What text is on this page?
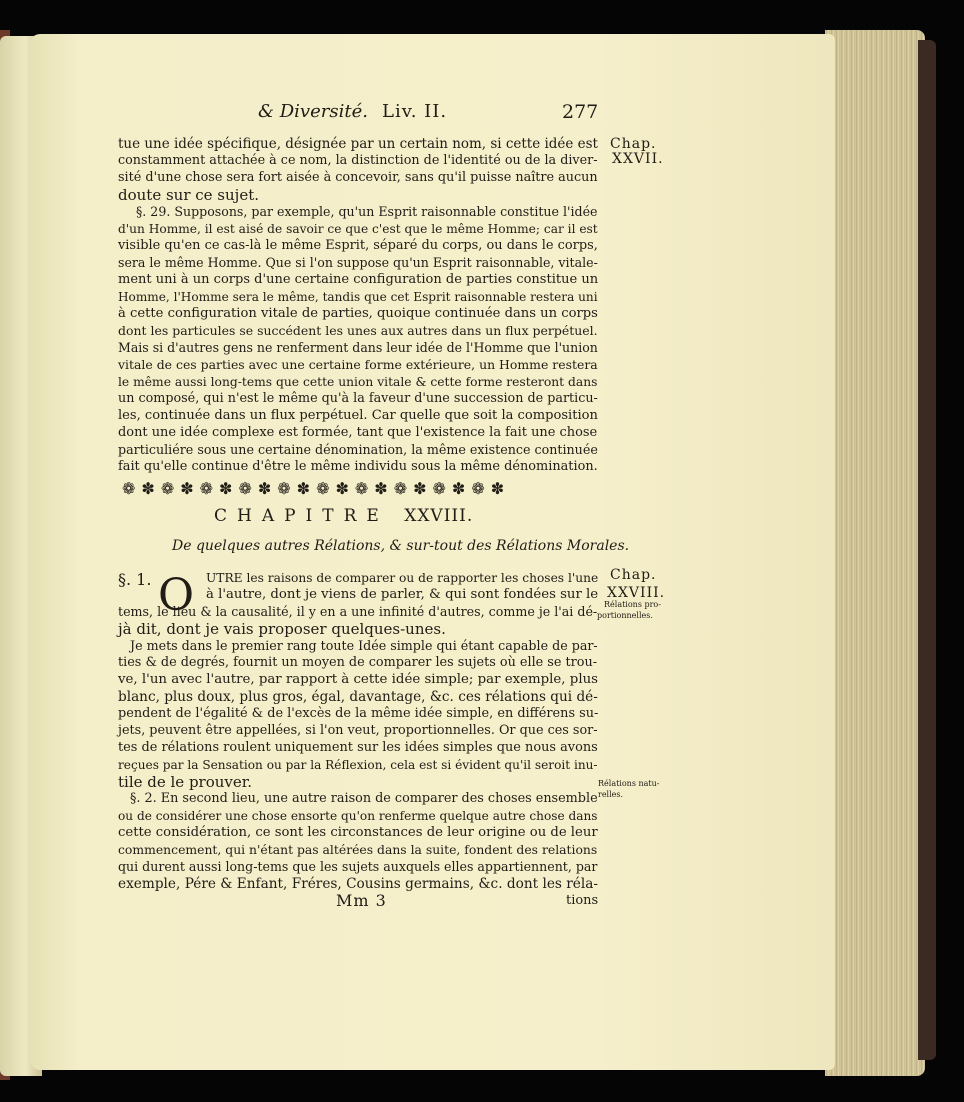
& Diversité. Liv. II.	277
Chap.
XXVII.
Chap.
XXVIII.
Rélations pro-
portionnelles.
Rélations natu-
relles.
tue une idée spécifique, désignée par un certain nom, si cette idée est
constamment attachée à ce nom, la distinction de l'identité ou de la diver-
sité d'une chose sera fort aisée à concevoir, sans qu'il puisse naître aucun
doute sur ce sujet.
§. 29. Supposons, par exemple, qu'un Esprit raisonnable constitue l'idée
d'un Homme, il est aisé de savoir ce que c'est que le même Homme; car il est
visible qu'en ce cas-là le même Esprit, séparé du corps, ou dans le corps,
sera le même Homme. Que si l'on suppose qu'un Esprit raisonnable, vitale-
ment uni à un corps d'une certaine configuration de parties constitue un
Homme, l'Homme sera le même, tandis que cet Esprit raisonnable restera uni
à cette configuration vitale de parties, quoique continuée dans un corps
dont les particules se succédent les unes aux autres dans un flux perpétuel.
Mais si d'autres gens ne renferment dans leur idée de l'Homme que l'union
vitale de ces parties avec une certaine forme extérieure, un Homme restera
le même aussi long-tems que cette union vitale & cette forme resteront dans
un composé, qui n'est le même qu'à la faveur d'une succession de particu-
les, continuée dans un flux perpétuel. Car quelle que soit la composition
dont une idée complexe est formée, tant que l'existence la fait une chose
particuliére sous une certaine dénomination, la même existence continuée
fait qu'elle continue d'être le même individu sous la même dénomination.
❁ ✽ ❁ ✽ ❁ ✽ ❁ ✽ ❁ ✽ ❁ ✽ ❁ ✽ ❁ ✽ ❁ ✽ ❁ ✽
CHAPITRE XXVIII.
De quelques autres Rélations, & sur-tout des Rélations Morales.
§. 1. O UTRE les raisons de comparer ou de rapporter les choses l'une
à l'autre, dont je viens de parler, & qui sont fondées sur le
tems, le lieu & la causalité, il y en a une infinité d'autres, comme je l'ai dé-
jà dit, dont je vais proposer quelques-unes.
Je mets dans le premier rang toute Idée simple qui étant capable de par-
ties & de degrés, fournit un moyen de comparer les sujets où elle se trou-
ve, l'un avec l'autre, par rapport à cette idée simple; par exemple, plus
blanc, plus doux, plus gros, égal, davantage, &c. ces rélations qui dé-
pendent de l'égalité & de l'excès de la même idée simple, en différens su-
jets, peuvent être appellées, si l'on veut, proportionnelles. Or que ces sor-
tes de rélations roulent uniquement sur les idées simples que nous avons
reçues par la Sensation ou par la Réflexion, cela est si évident qu'il seroit inu-
tile de le prouver.
§. 2. En second lieu, une autre raison de comparer des choses ensemble
ou de considérer une chose ensorte qu'on renferme quelque autre chose dans
cette considération, ce sont les circonstances de leur origine ou de leur
commencement, qui n'étant pas altérées dans la suite, fondent des relations
qui durent aussi long-tems que les sujets auxquels elles appartiennent, par
exemple, Pére & Enfant, Fréres, Cousins germains, &c. dont les réla-
Mm 3	tions
